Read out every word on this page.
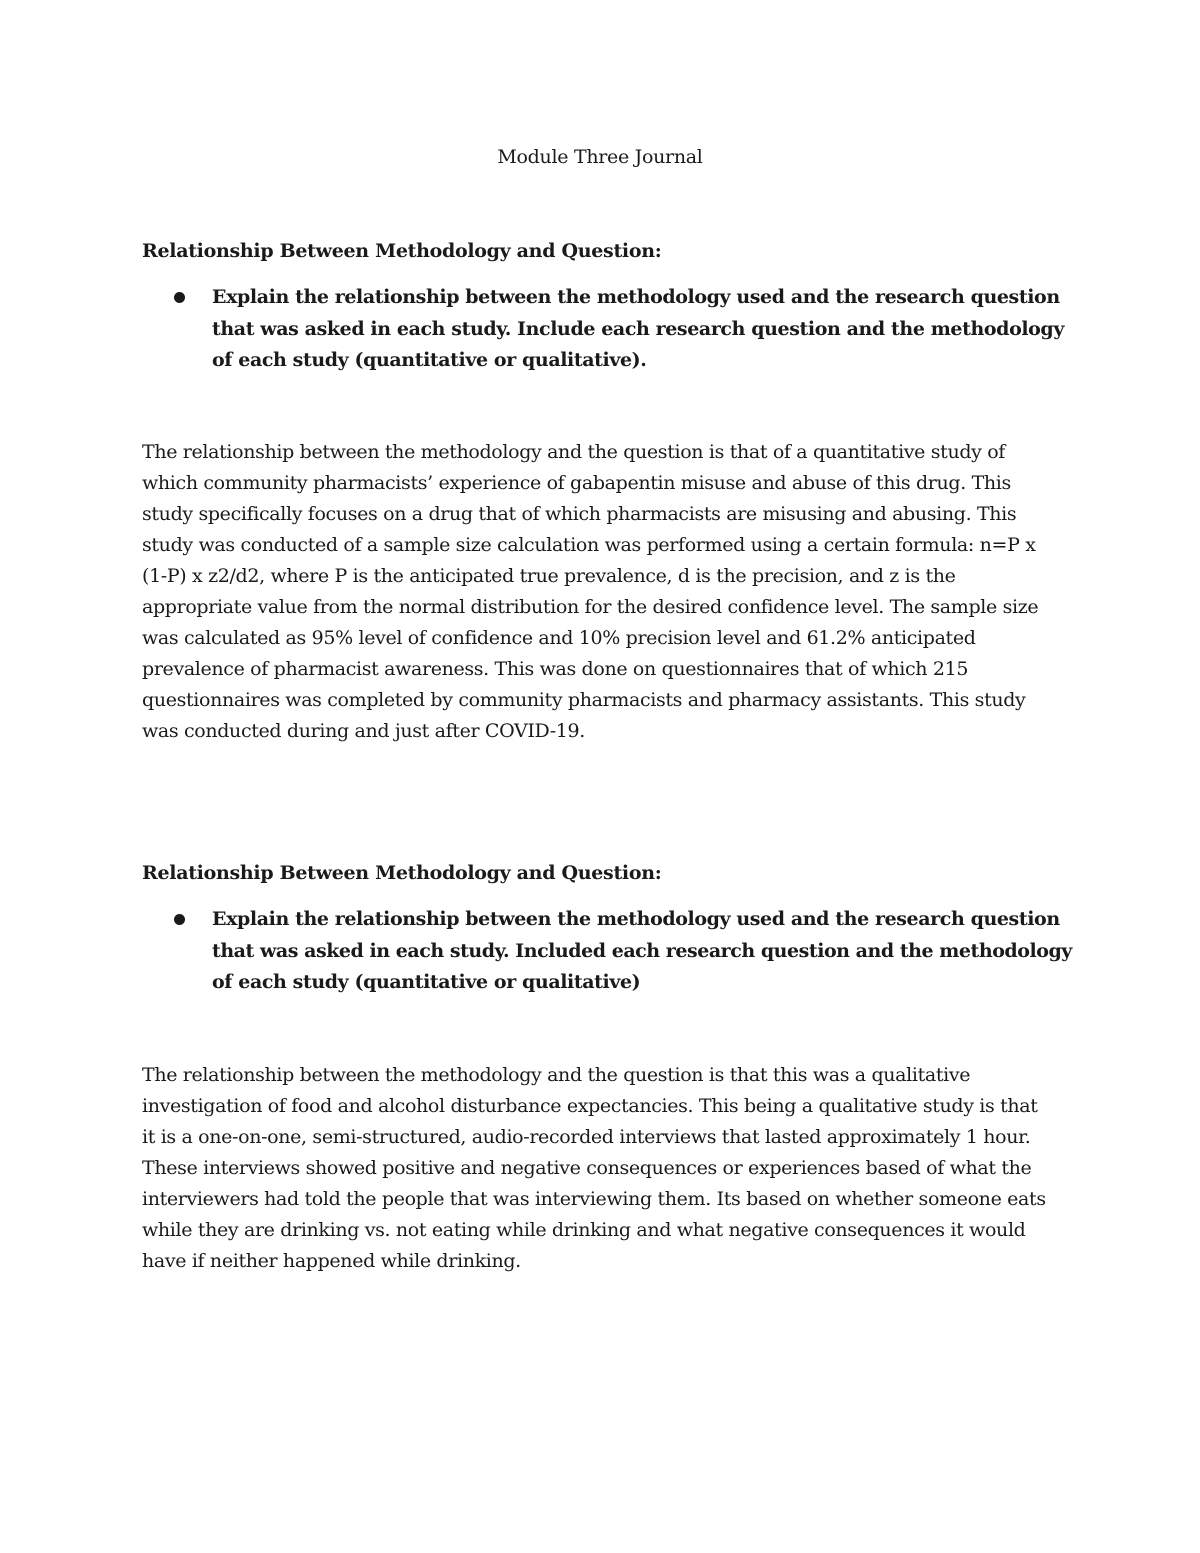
Module Three Journal
Relationship Between Methodology and Question:
Explain the relationship between the methodology used and the research question
that was asked in each study. Include each research question and the methodology
of each study (quantitative or qualitative).
The relationship between the methodology and the question is that of a quantitative study of
which community pharmacists’ experience of gabapentin misuse and abuse of this drug. This
study specifically focuses on a drug that of which pharmacists are misusing and abusing. This
study was conducted of a sample size calculation was performed using a certain formula: n=P x
(1-P) x z2/d2, where P is the anticipated true prevalence, d is the precision, and z is the
appropriate value from the normal distribution for the desired confidence level. The sample size
was calculated as 95% level of confidence and 10% precision level and 61.2% anticipated
prevalence of pharmacist awareness. This was done on questionnaires that of which 215
questionnaires was completed by community pharmacists and pharmacy assistants. This study
was conducted during and just after COVID-19.
Relationship Between Methodology and Question:
Explain the relationship between the methodology used and the research question
that was asked in each study. Included each research question and the methodology
of each study (quantitative or qualitative)
The relationship between the methodology and the question is that this was a qualitative
investigation of food and alcohol disturbance expectancies. This being a qualitative study is that
it is a one-on-one, semi-structured, audio-recorded interviews that lasted approximately 1 hour.
These interviews showed positive and negative consequences or experiences based of what the
interviewers had told the people that was interviewing them. Its based on whether someone eats
while they are drinking vs. not eating while drinking and what negative consequences it would
have if neither happened while drinking.
